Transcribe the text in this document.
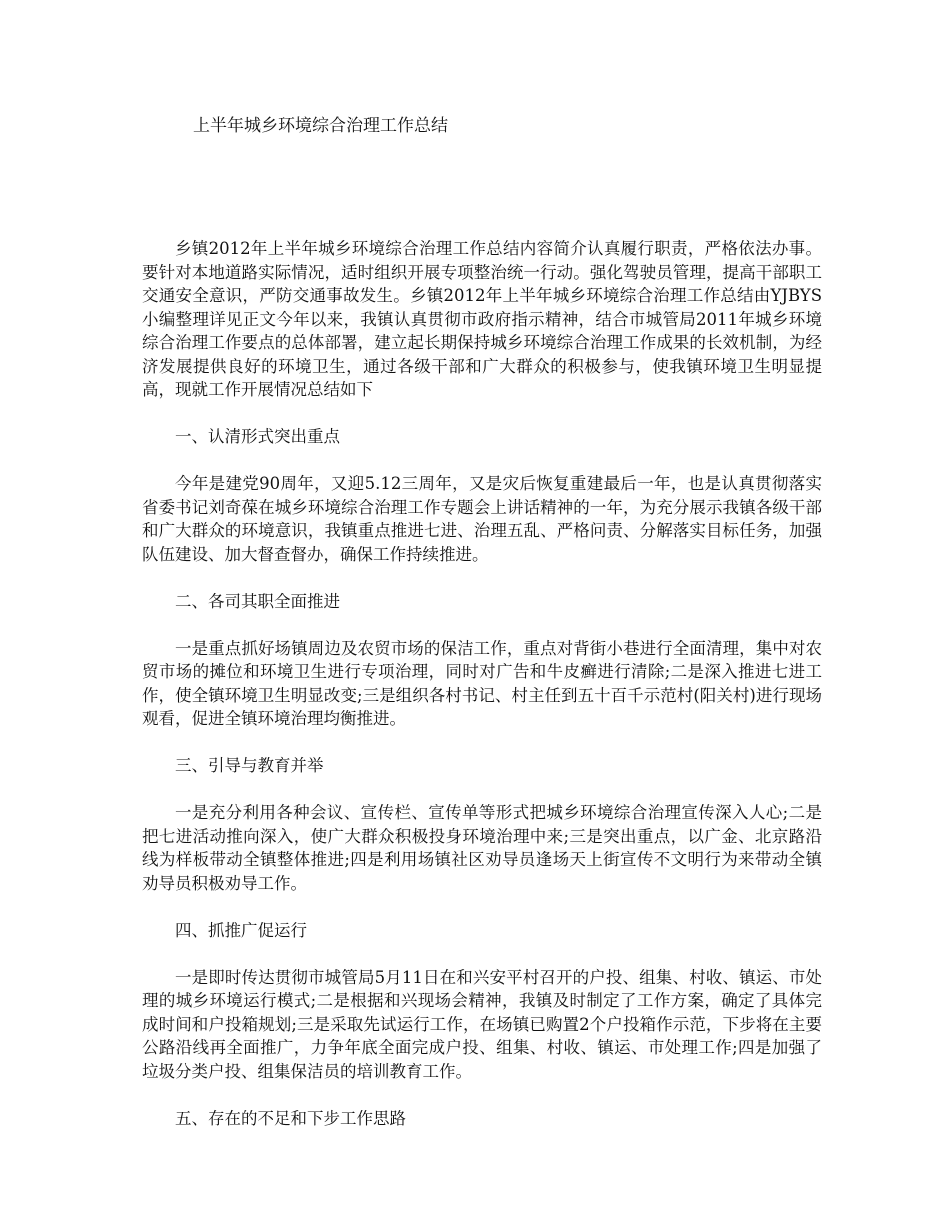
上半年城乡环境综合治理工作总结

乡镇2012年上半年城乡环境综合治理工作总结内容简介认真履行职责，严格依法办事。要针对本地道路实际情况，适时组织开展专项整治统一行动。强化驾驶员管理，提高干部职工交通安全意识，严防交通事故发生。乡镇2012年上半年城乡环境综合治理工作总结由YJBYS小编整理详见正文今年以来，我镇认真贯彻市政府指示精神，结合市城管局2011年城乡环境综合治理工作要点的总体部署，建立起长期保持城乡环境综合治理工作成果的长效机制，为经济发展提供良好的环境卫生，通过各级干部和广大群众的积极参与，使我镇环境卫生明显提高，现就工作开展情况总结如下

一、认清形式突出重点

今年是建党90周年，又迎5.12三周年，又是灾后恢复重建最后一年，也是认真贯彻落实省委书记刘奇葆在城乡环境综合治理工作专题会上讲话精神的一年，为充分展示我镇各级干部和广大群众的环境意识，我镇重点推进七进、治理五乱、严格问责、分解落实目标任务，加强队伍建设、加大督查督办，确保工作持续推进。

二、各司其职全面推进

一是重点抓好场镇周边及农贸市场的保洁工作，重点对背街小巷进行全面清理，集中对农贸市场的摊位和环境卫生进行专项治理，同时对广告和牛皮癣进行清除;二是深入推进七进工作，使全镇环境卫生明显改变;三是组织各村书记、村主任到五十百千示范村(阳关村)进行现场观看，促进全镇环境治理均衡推进。

三、引导与教育并举

一是充分利用各种会议、宣传栏、宣传单等形式把城乡环境综合治理宣传深入人心;二是把七进活动推向深入，使广大群众积极投身环境治理中来;三是突出重点，以广金、北京路沿线为样板带动全镇整体推进;四是利用场镇社区劝导员逢场天上街宣传不文明行为来带动全镇劝导员积极劝导工作。

四、抓推广促运行

一是即时传达贯彻市城管局5月11日在和兴安平村召开的户投、组集、村收、镇运、市处理的城乡环境运行模式;二是根据和兴现场会精神，我镇及时制定了工作方案，确定了具体完成时间和户投箱规划;三是采取先试运行工作，在场镇已购置2个户投箱作示范，下步将在主要公路沿线再全面推广，力争年底全面完成户投、组集、村收、镇运、市处理工作;四是加强了垃圾分类户投、组集保洁员的培训教育工作。

五、存在的不足和下步工作思路
